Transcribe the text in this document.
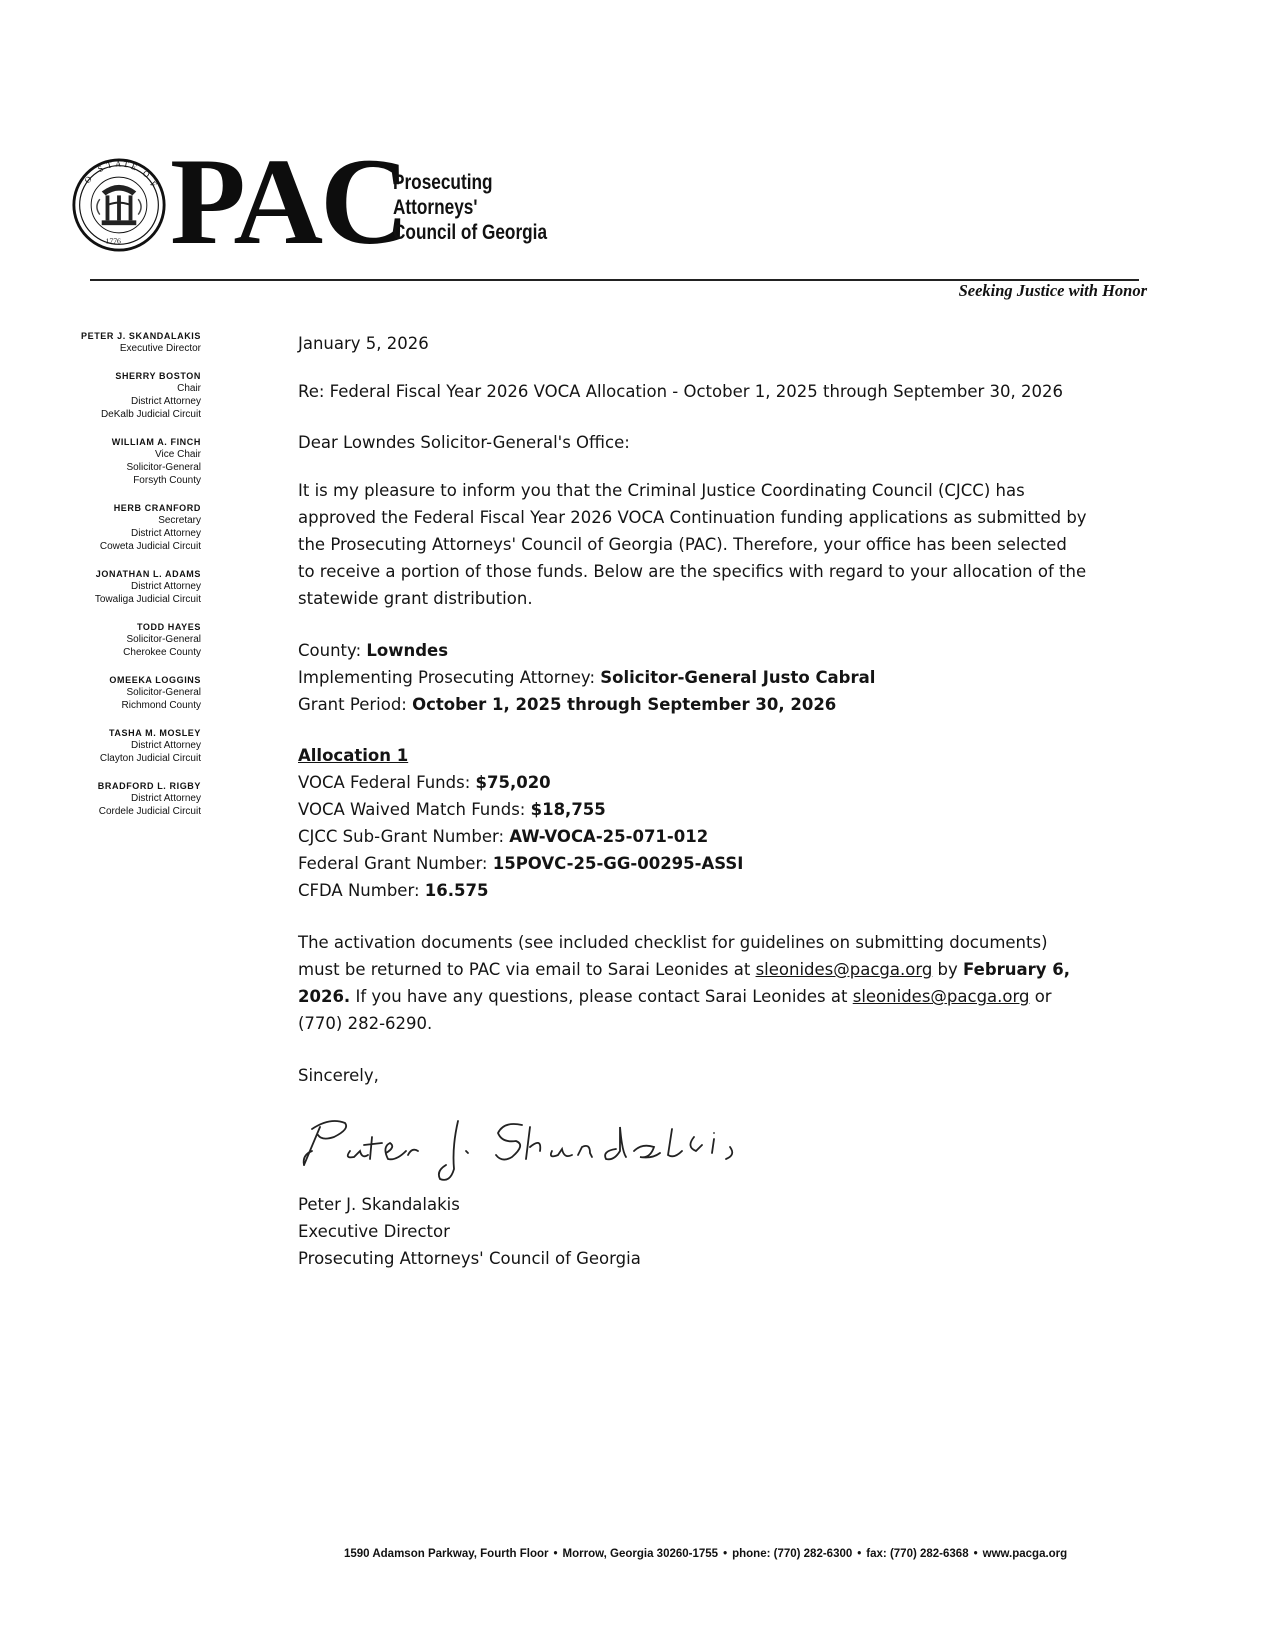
S T A T E
O	O
F
1776 PAC
Prosecuting
Attorneys'
Council of Georgia
Seeking Justice with Honor
PETER J. SKANDALAKIS
Executive Director
SHERRY BOSTON
Chair
District Attorney
DeKalb Judicial Circuit
WILLIAM A. FINCH
Vice Chair
Solicitor-General
Forsyth County
HERB CRANFORD
Secretary
District Attorney
Coweta Judicial Circuit
JONATHAN L. ADAMS
District Attorney
Towaliga Judicial Circuit
TODD HAYES
Solicitor-General
Cherokee County
OMEEKA LOGGINS
Solicitor-General
Richmond County
TASHA M. MOSLEY
District Attorney
Clayton Judicial Circuit
BRADFORD L. RIGBY
District Attorney
Cordele Judicial Circuit

January 5, 2026

Re: Federal Fiscal Year 2026 VOCA Allocation - October 1, 2025 through September 30, 2026

Dear Lowndes Solicitor-General's Office:

It is my pleasure to inform you that the Criminal Justice Coordinating Council (CJCC) has approved the Federal Fiscal Year 2026 VOCA Continuation funding applications as submitted by the Prosecuting Attorneys' Council of Georgia (PAC). Therefore, your office has been selected to receive a portion of those funds. Below are the specifics with regard to your allocation of the statewide grant distribution.

County: Lowndes
Implementing Prosecuting Attorney: Solicitor-General Justo Cabral
Grant Period: October 1, 2025 through September 30, 2026
Allocation 1
VOCA Federal Funds: $75,020
VOCA Waived Match Funds: $18,755
CJCC Sub-Grant Number: AW-VOCA-25-071-012
Federal Grant Number: 15POVC-25-GG-00295-ASSI
CFDA Number: 16.575

The activation documents (see included checklist for guidelines on submitting documents) must be returned to PAC via email to Sarai Leonides at sleonides@pacga.org by February 6, 2026. If you have any questions, please contact Sarai Leonides at sleonides@pacga.org or (770) 282-6290.

Sincerely,

Peter J. Skandalakis
Executive Director
Prosecuting Attorneys' Council of Georgia
1590 Adamson Parkway, Fourth Floor • Morrow, Georgia 30260-1755 • phone: (770) 282-6300 • fax: (770) 282-6368 • www.pacga.org
